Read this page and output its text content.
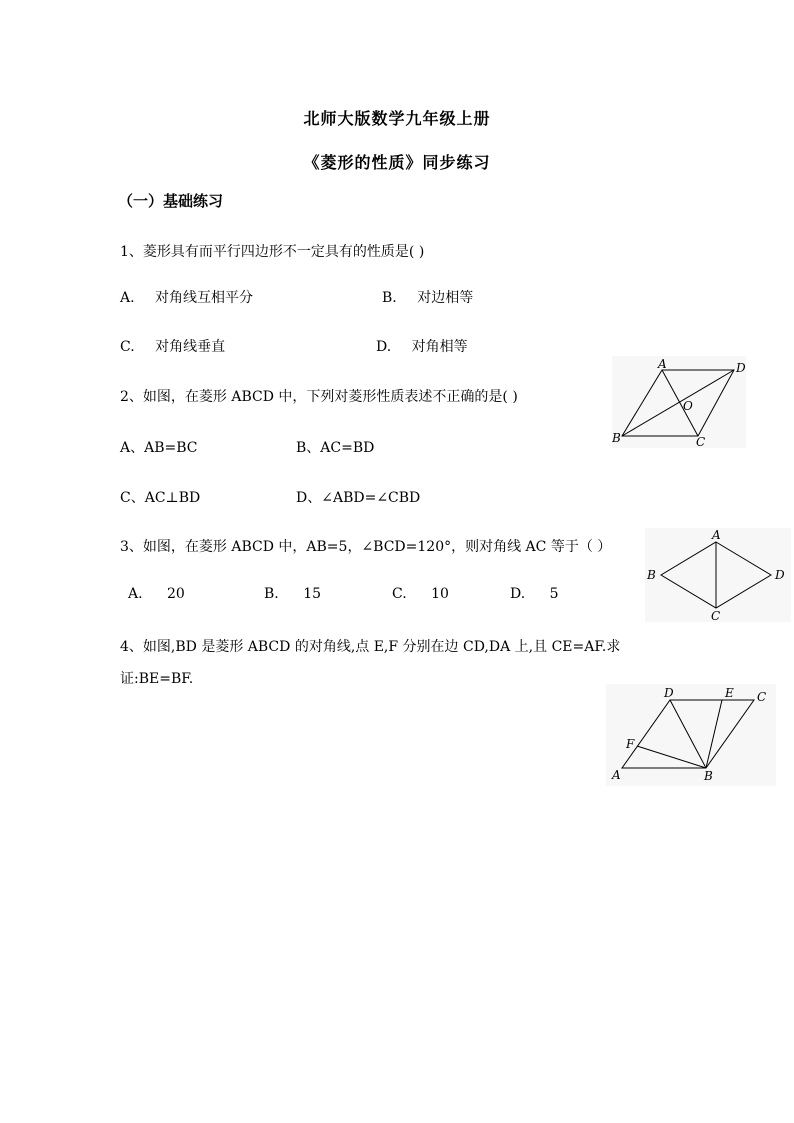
北师大版数学九年级上册
《菱形的性质》同步练习
（一）基础练习
1、菱形具有而平行四边形不一定具有的性质是( )
A. 对角线互相平分	B. 对边相等
C. 对角线垂直	D. 对角相等
2、如图，在菱形 ABCD 中，下列对菱形性质表述不正确的是( )
A、AB=BC	B、AC=BD
C、AC⊥BD	D、∠ABD=∠CBD
A	D
O
B	C
3、如图，在菱形 ABCD 中，AB=5，∠BCD=120°，则对角线 AC 等于（ ）
A. 20	B. 15	C. 10	D. 5
A
B	D
C
4、如图,BD 是菱形 ABCD 的对角线,点 E,F 分别在边 CD,DA 上,且 CE=AF.求
证:BE=BF.
D	E C
F
A	B
